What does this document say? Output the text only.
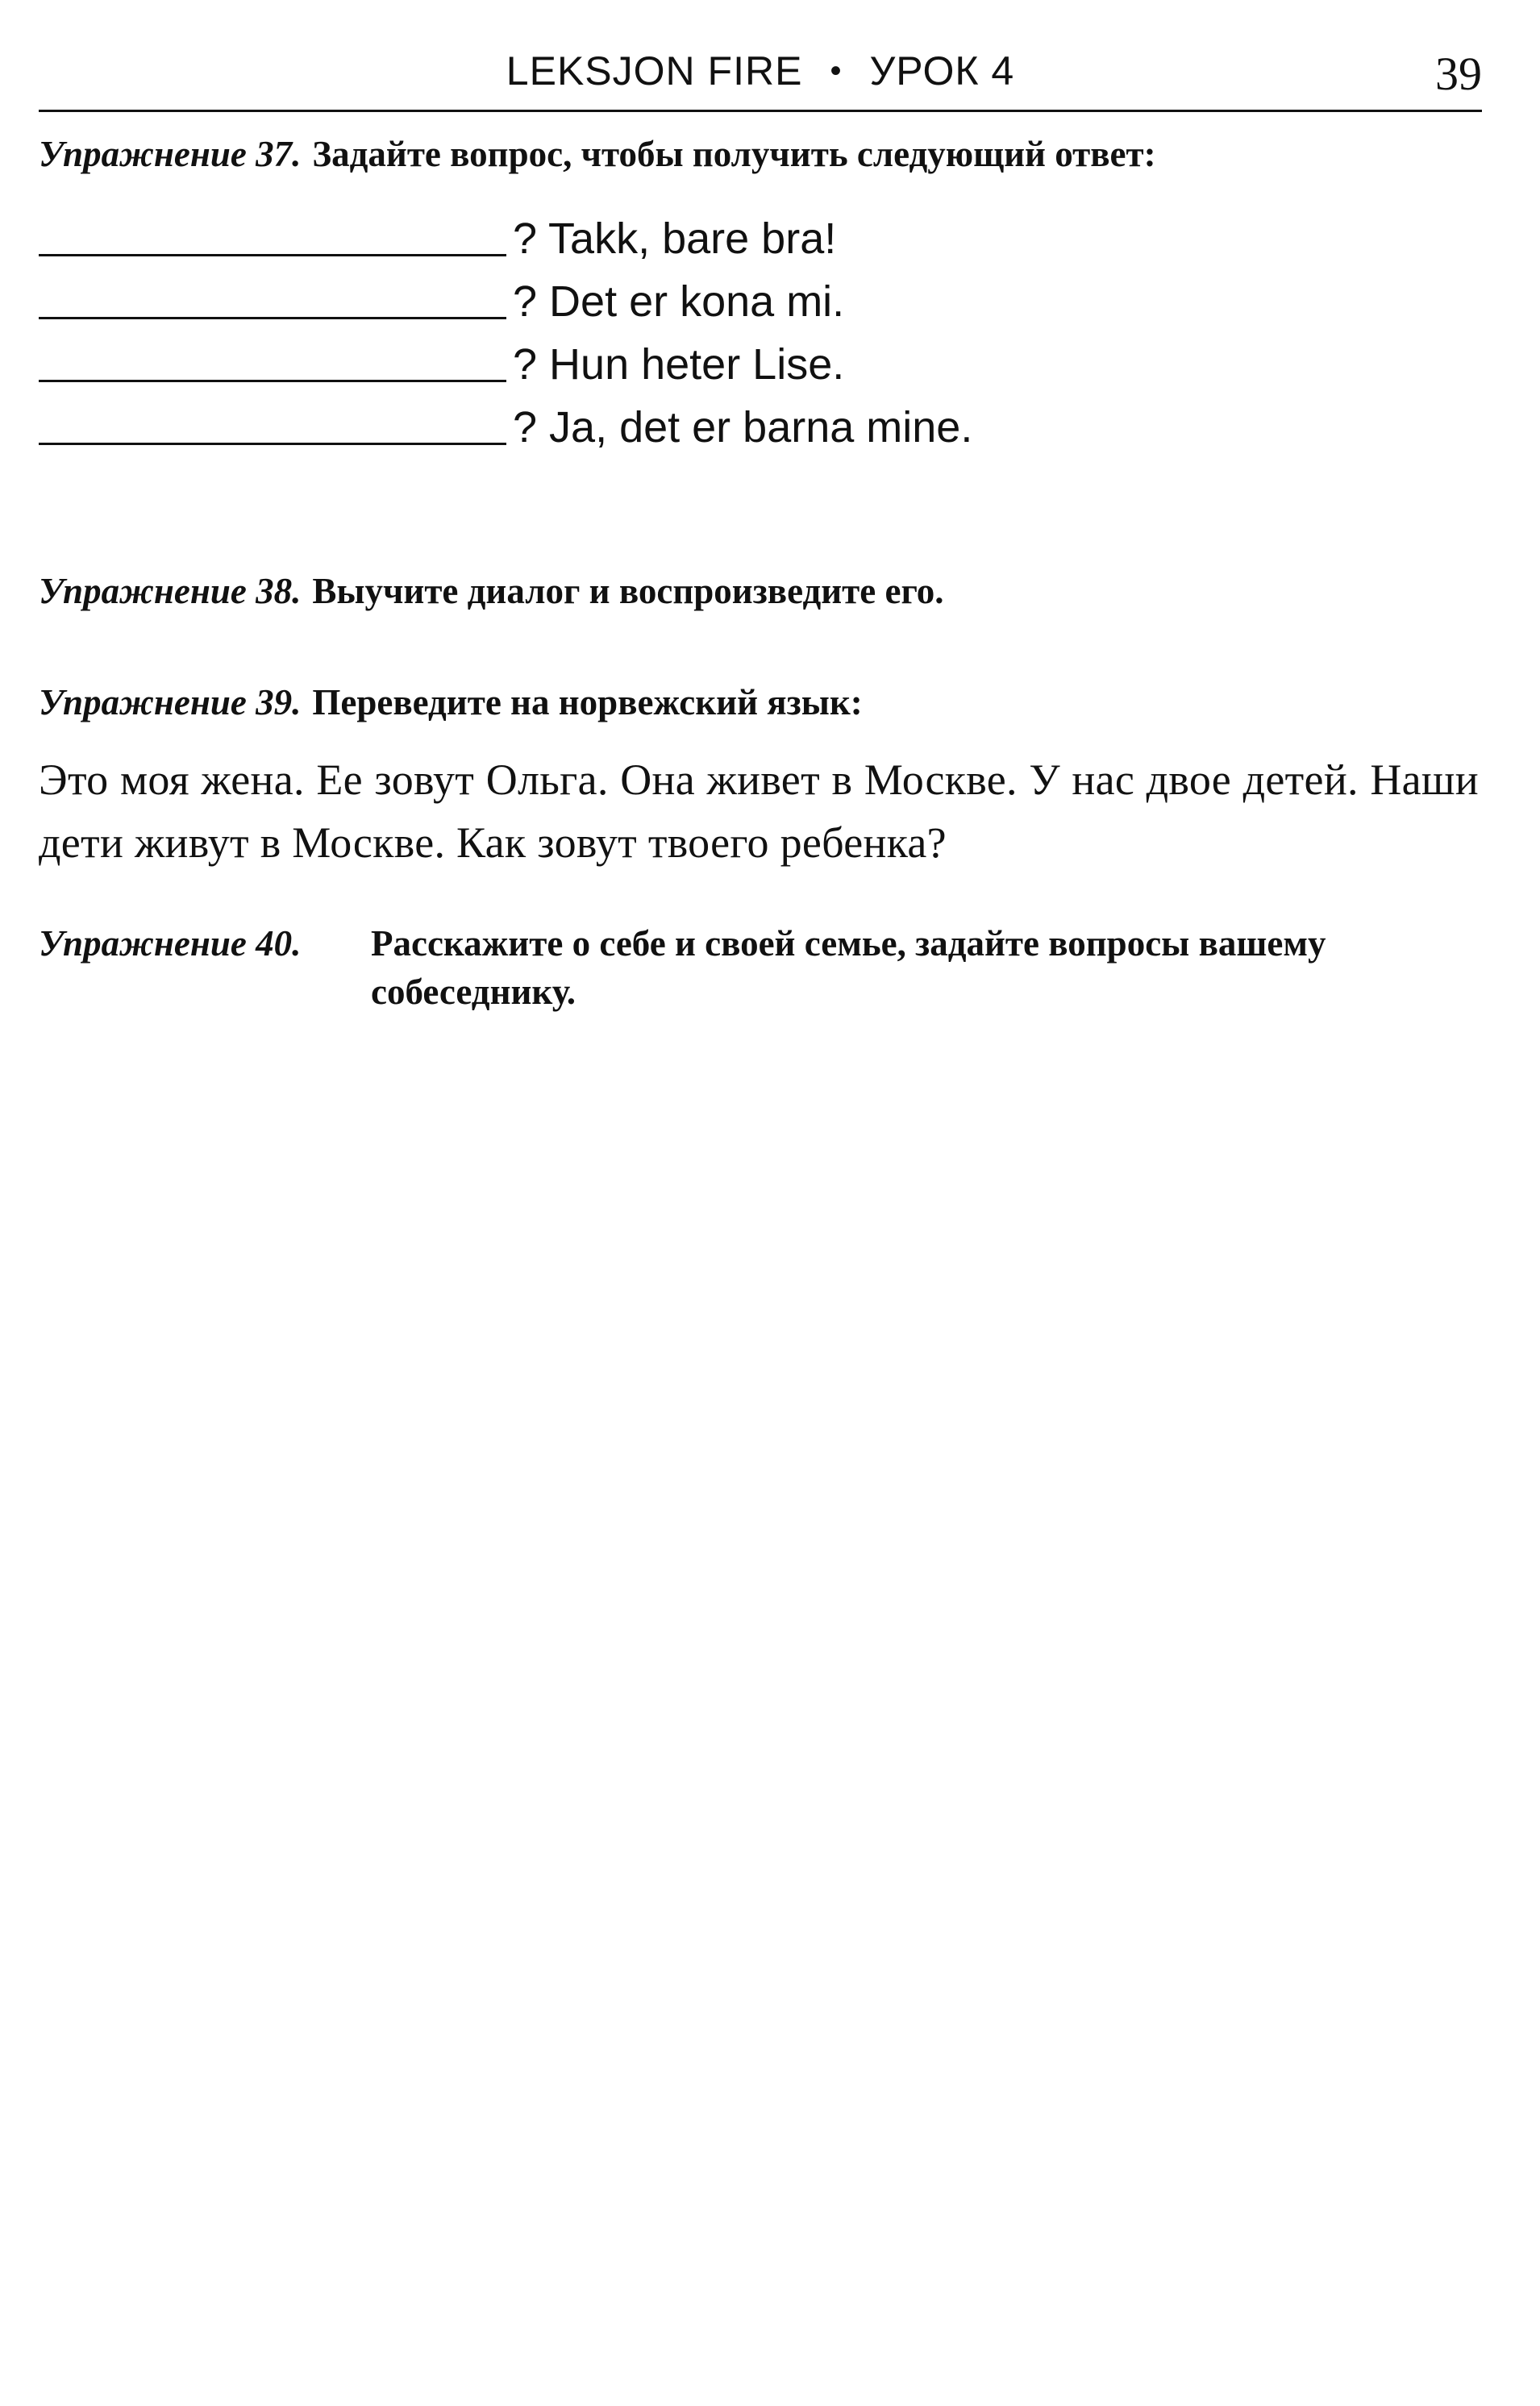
LEKSJON FIRE • УРОК 4	39
Упражнение 37. Задайте вопрос, чтобы получить следующий ответ:
? Takk, bare bra!
? Det er kona mi.
? Hun heter Lise.
? Ja, det er barna mine.
Упражнение 38. Выучите диалог и воспроизведите его.
Упражнение 39. Переведите на норвежский язык:
Это моя жена. Ее зовут Ольга. Она живет в Москве. У нас двое детей. Наши дети живут в Москве. Как зовут твоего ребенка?
Упражнение 40. Расскажите о себе и своей семье, задайте вопросы вашему собеседнику.
